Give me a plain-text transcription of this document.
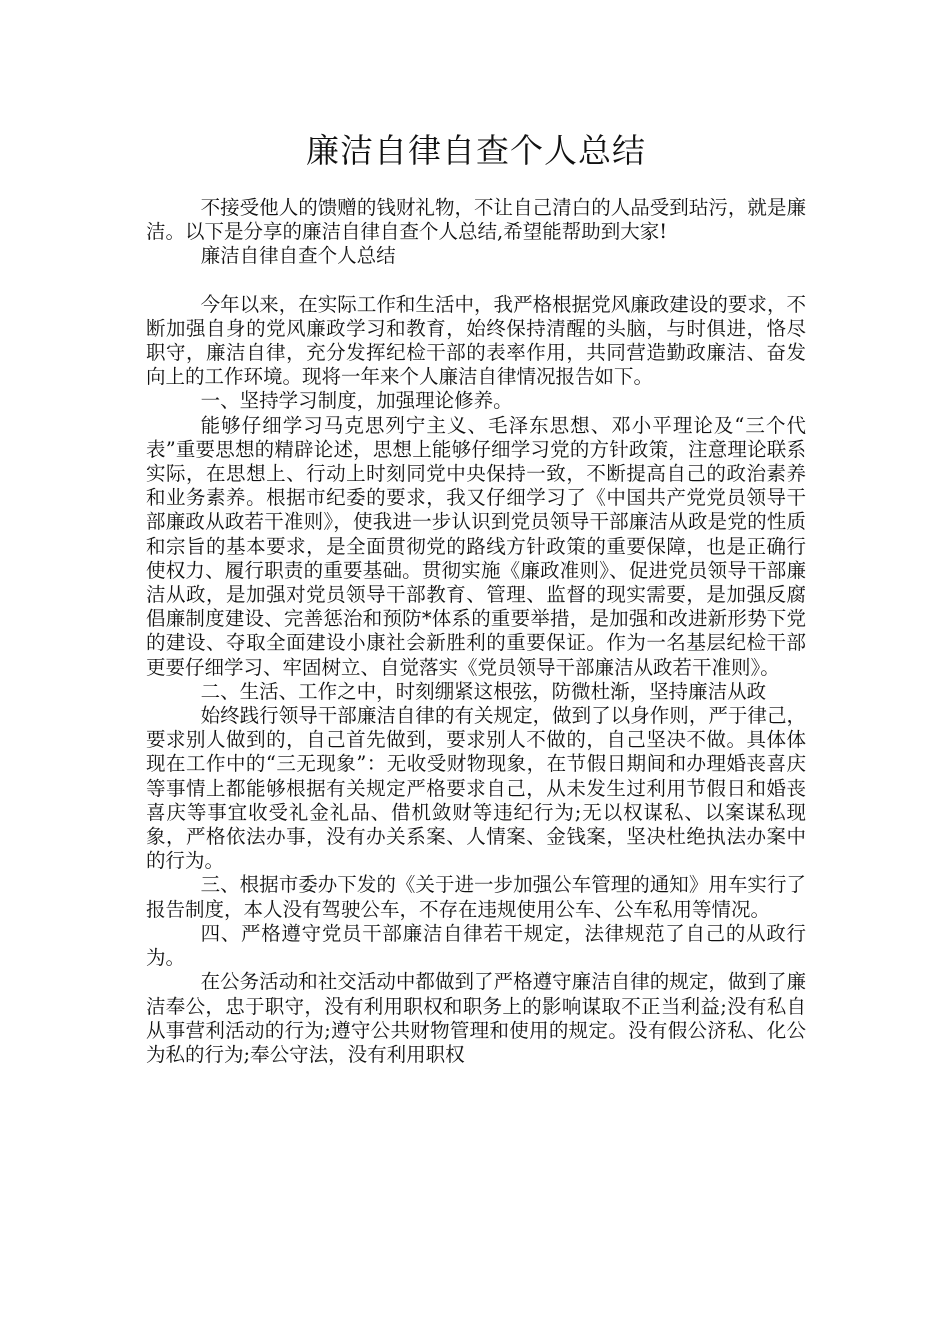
廉洁自律自查个人总结

不接受他人的馈赠的钱财礼物，不让自己清白的人品受到玷污，就是廉洁。以下是分享的廉洁自律自查个人总结,希望能帮助到大家!

廉洁自律自查个人总结

今年以来，在实际工作和生活中，我严格根据党风廉政建设的要求，不断加强自身的党风廉政学习和教育，始终保持清醒的头脑，与时俱进，恪尽职守，廉洁自律，充分发挥纪检干部的表率作用，共同营造勤政廉洁、奋发向上的工作环境。现将一年来个人廉洁自律情况报告如下。

一、坚持学习制度，加强理论修养。

能够仔细学习马克思列宁主义、毛泽东思想、邓小平理论及“三个代表”重要思想的精辟论述，思想上能够仔细学习党的方针政策，注意理论联系实际，在思想上、行动上时刻同党中央保持一致，不断提高自己的政治素养和业务素养。根据市纪委的要求，我又仔细学习了《中国共产党党员领导干部廉政从政若干准则》，使我进一步认识到党员领导干部廉洁从政是党的性质和宗旨的基本要求，是全面贯彻党的路线方针政策的重要保障，也是正确行使权力、履行职责的重要基础。贯彻实施《廉政准则》、促进党员领导干部廉洁从政，是加强对党员领导干部教育、管理、监督的现实需要，是加强反腐倡廉制度建设、完善惩治和预防*体系的重要举措，是加强和改进新形势下党的建设、夺取全面建设小康社会新胜利的重要保证。作为一名基层纪检干部更要仔细学习、牢固树立、自觉落实《党员领导干部廉洁从政若干准则》。

二、生活、工作之中，时刻绷紧这根弦，防微杜渐，坚持廉洁从政

始终践行领导干部廉洁自律的有关规定，做到了以身作则，严于律己，要求别人做到的，自己首先做到，要求别人不做的，自己坚决不做。具体体现在工作中的“三无现象”：无收受财物现象，在节假日期间和办理婚丧喜庆等事情上都能够根据有关规定严格要求自己，从未发生过利用节假日和婚丧喜庆等事宜收受礼金礼品、借机敛财等违纪行为;无以权谋私、以案谋私现象，严格依法办事，没有办关系案、人情案、金钱案，坚决杜绝执法办案中的行为。

三、根据市委办下发的《关于进一步加强公车管理的通知》用车实行了报告制度，本人没有驾驶公车，不存在违规使用公车、公车私用等情况。

四、严格遵守党员干部廉洁自律若干规定，法律规范了自己的从政行为。

在公务活动和社交活动中都做到了严格遵守廉洁自律的规定，做到了廉洁奉公，忠于职守，没有利用职权和职务上的影响谋取不正当利益;没有私自从事营利活动的行为;遵守公共财物管理和使用的规定。没有假公济私、化公为私的行为;奉公守法，没有利用职权
